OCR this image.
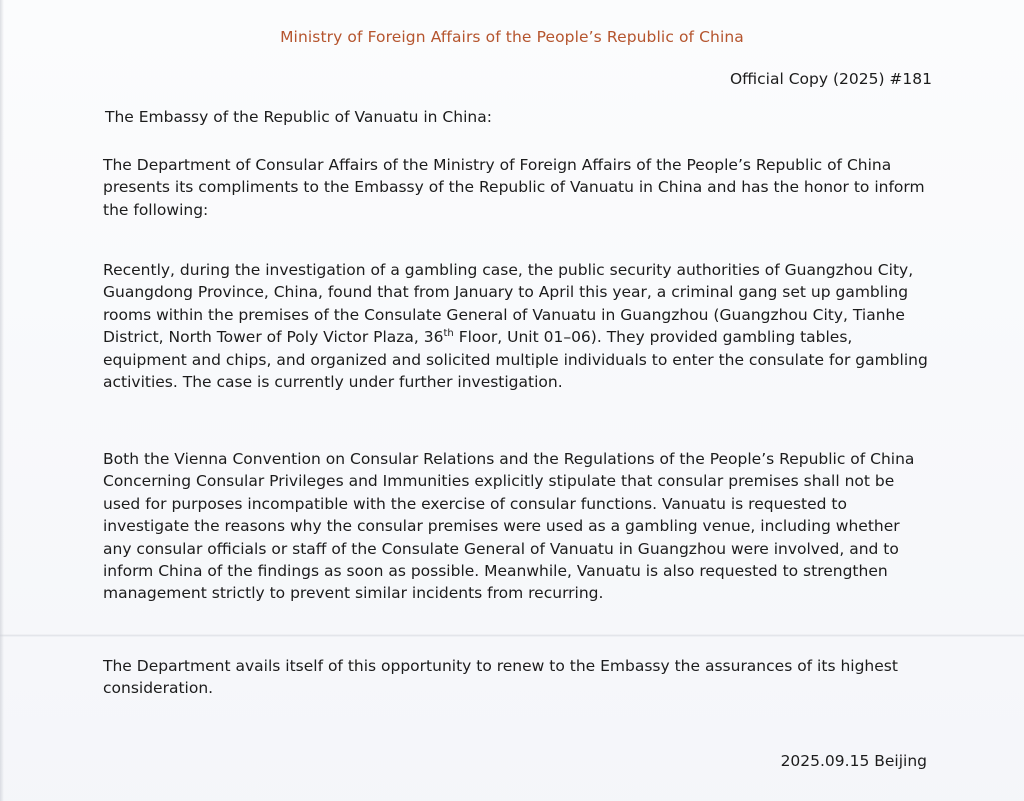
Ministry of Foreign Affairs of the People’s Republic of China
Official Copy (2025) #181
The Embassy of the Republic of Vanuatu in China:

The Department of Consular Affairs of the Ministry of Foreign Affairs of the People’s Republic of China presents its compliments to the Embassy of the Republic of Vanuatu in China and has the honor to inform the following:

Recently, during the investigation of a gambling case, the public security authorities of Guangzhou City, Guangdong Province, China, found that from January to April this year, a criminal gang set up gambling rooms within the premises of the Consulate General of Vanuatu in Guangzhou (Guangzhou City, Tianhe District, North Tower of Poly Victor Plaza, 36th Floor, Unit 01–06). They provided gambling tables, equipment and chips, and organized and solicited multiple individuals to enter the consulate for gambling activities. The case is currently under further investigation.

Both the Vienna Convention on Consular Relations and the Regulations of the People’s Republic of China Concerning Consular Privileges and Immunities explicitly stipulate that consular premises shall not be used for purposes incompatible with the exercise of consular functions. Vanuatu is requested to investigate the reasons why the consular premises were used as a gambling venue, including whether any consular officials or staff of the Consulate General of Vanuatu in Guangzhou were involved, and to inform China of the findings as soon as possible. Meanwhile, Vanuatu is also requested to strengthen management strictly to prevent similar incidents from recurring.

The Department avails itself of this opportunity to renew to the Embassy the assurances of its highest consideration.

2025.09.15 Beijing
